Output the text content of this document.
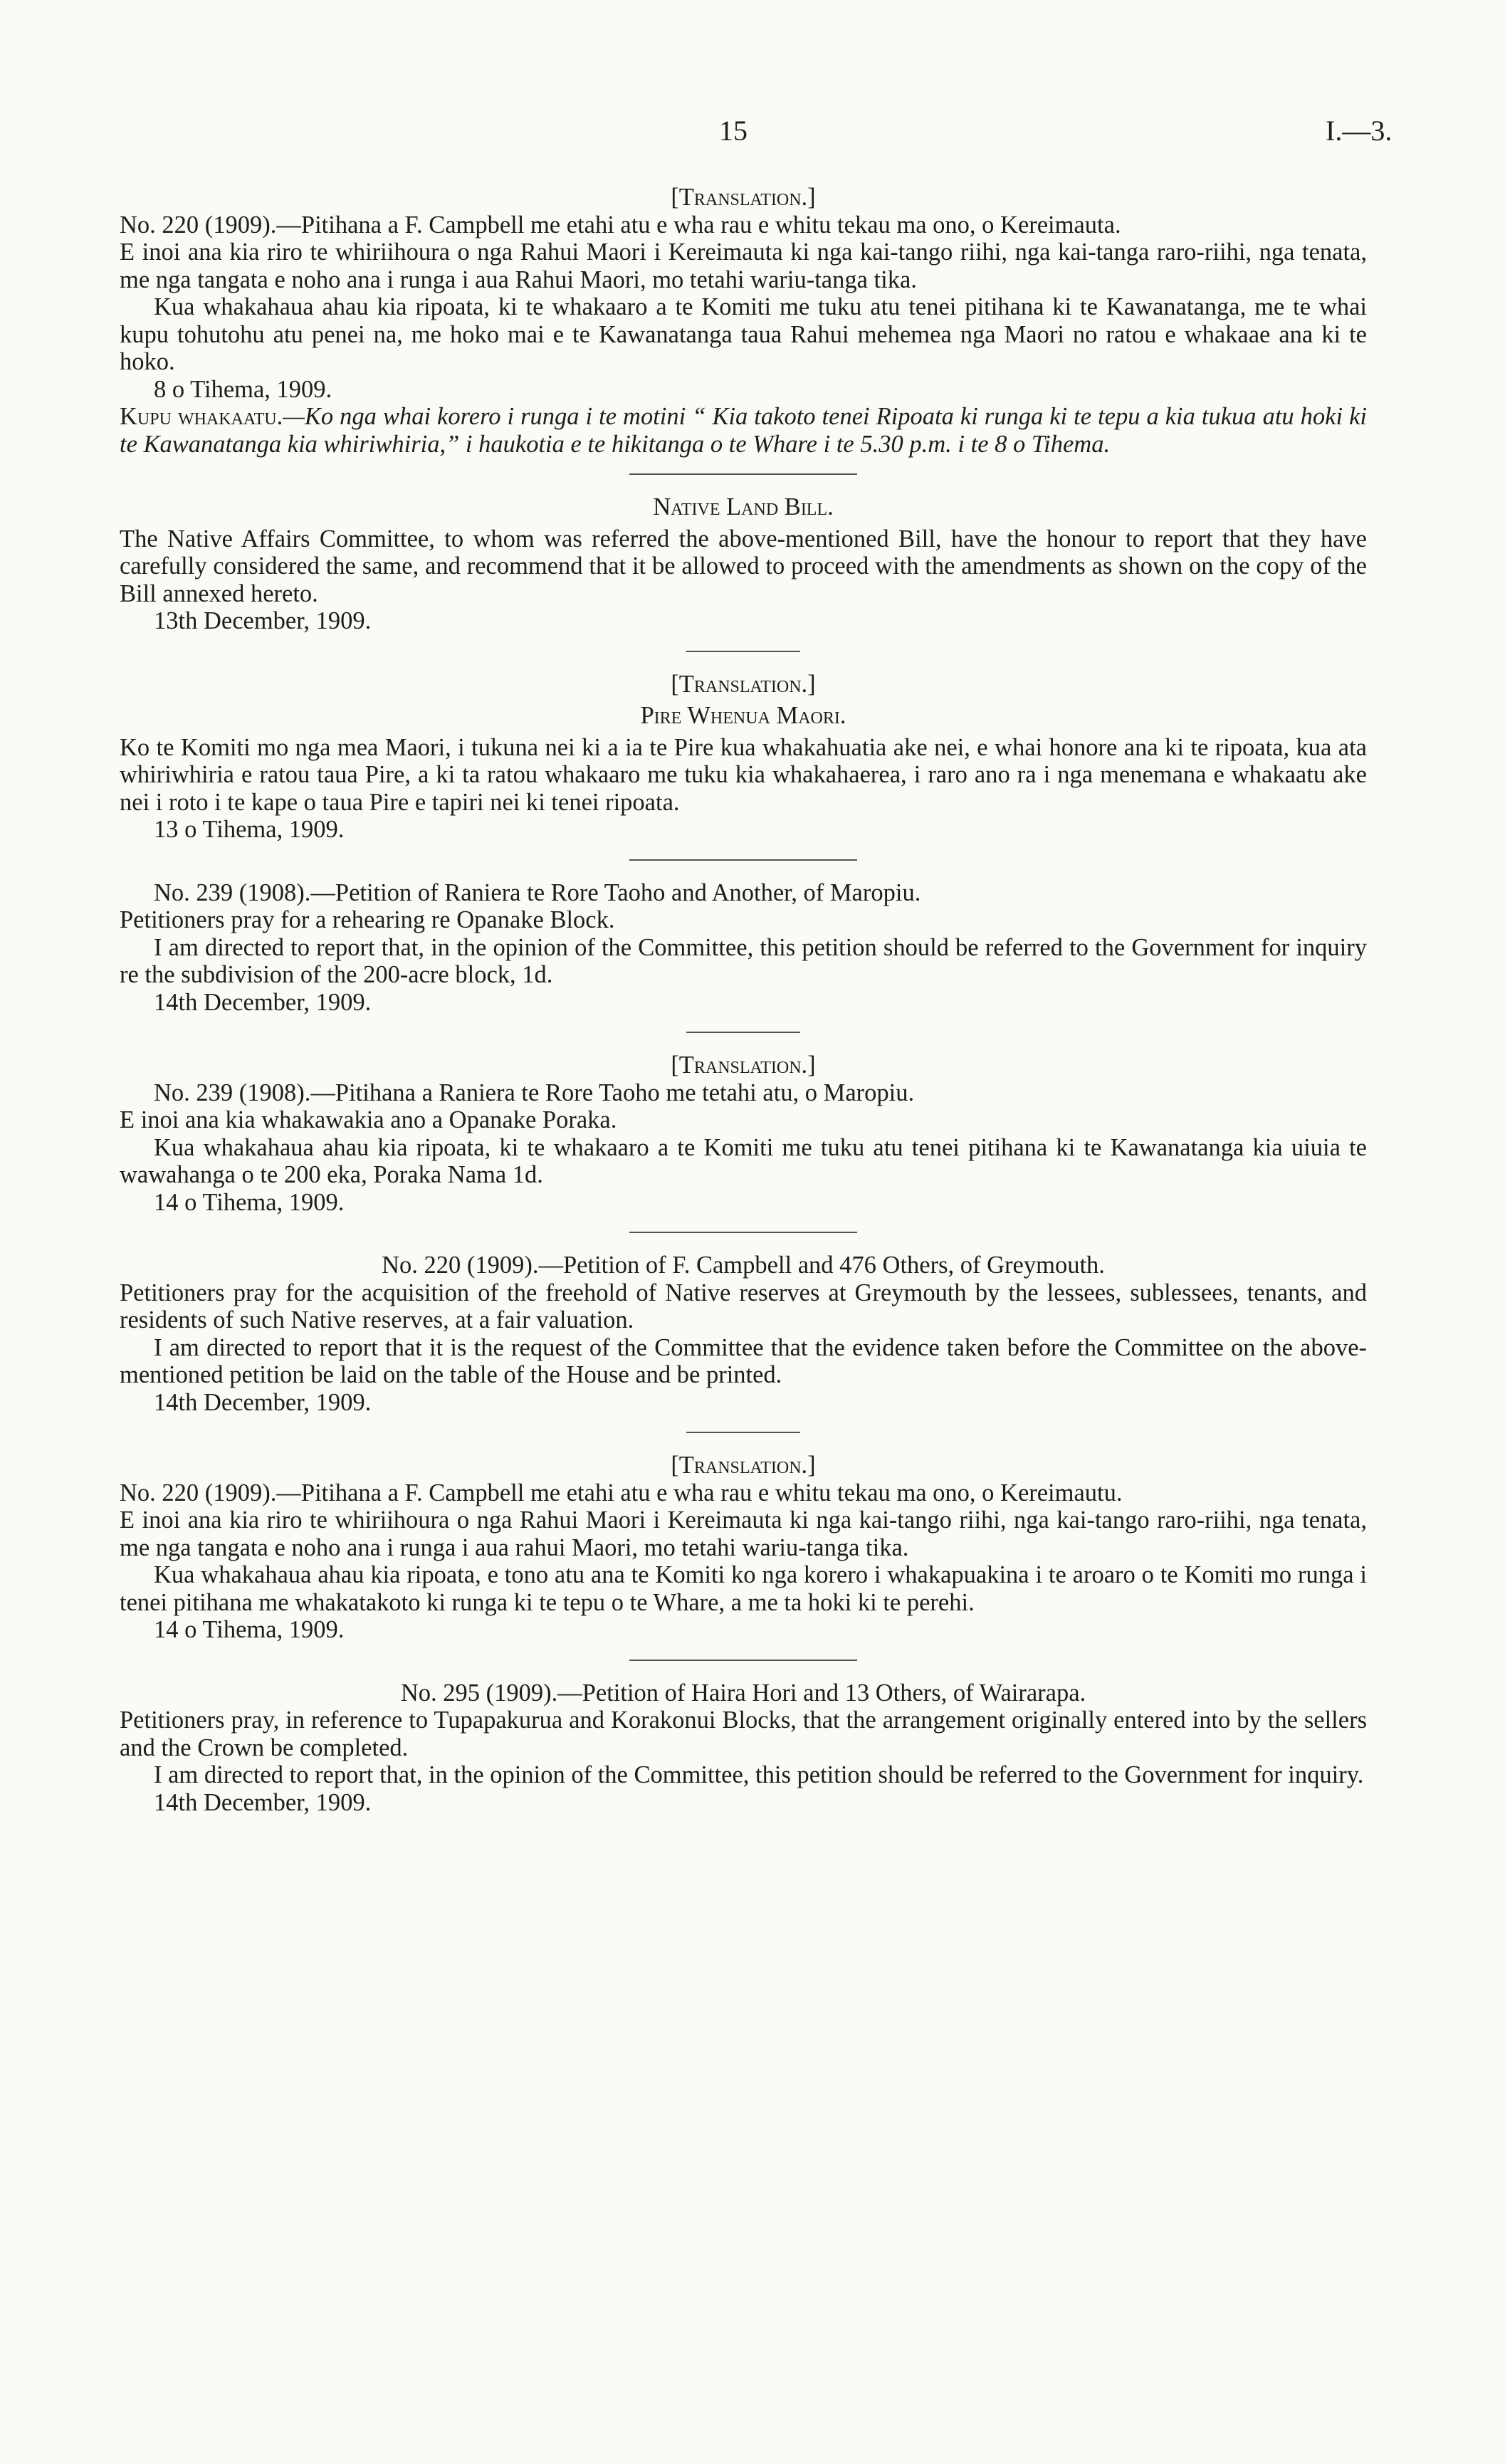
15	I.—3.
[Translation.]

No. 220 (1909).—Pitihana a F. Campbell me etahi atu e wha rau e whitu tekau ma ono, o Kereimauta.

E inoi ana kia riro te whiriihoura o nga Rahui Maori i Kereimauta ki nga kai-tango riihi, nga kai-tanga raro-riihi, nga tenata, me nga tangata e noho ana i runga i aua Rahui Maori, mo tetahi wariu-tanga tika.

Kua whakahaua ahau kia ripoata, ki te whakaaro a te Komiti me tuku atu tenei pitihana ki te Kawanatanga, me te whai kupu tohutohu atu penei na, me hoko mai e te Kawanatanga taua Rahui mehemea nga Maori no ratou e whakaae ana ki te hoko.

8 o Tihema, 1909.

Kupu whakaatu.—Ko nga whai korero i runga i te motini “ Kia takoto tenei Ripoata ki runga ki te tepu a kia tukua atu hoki ki te Kawanatanga kia whiriwhiria,” i haukotia e te hikitanga o te Whare i te 5.30 p.m. i te 8 o Tihema.

Native Land Bill.

The Native Affairs Committee, to whom was referred the above-mentioned Bill, have the honour to report that they have carefully considered the same, and recommend that it be allowed to proceed with the amendments as shown on the copy of the Bill annexed hereto.

13th December, 1909.

[Translation.]
Pire Whenua Maori.

Ko te Komiti mo nga mea Maori, i tukuna nei ki a ia te Pire kua whakahuatia ake nei, e whai honore ana ki te ripoata, kua ata whiriwhiria e ratou taua Pire, a ki ta ratou whakaaro me tuku kia whakahaerea, i raro ano ra i nga menemana e whakaatu ake nei i roto i te kape o taua Pire e tapiri nei ki tenei ripoata.

13 o Tihema, 1909.

No. 239 (1908).—Petition of Raniera te Rore Taoho and Another, of Maropiu.

Petitioners pray for a rehearing re Opanake Block.

I am directed to report that, in the opinion of the Committee, this petition should be referred to the Government for inquiry re the subdivision of the 200-acre block, 1d.

14th December, 1909.

[Translation.]

No. 239 (1908).—Pitihana a Raniera te Rore Taoho me tetahi atu, o Maropiu.

E inoi ana kia whakawakia ano a Opanake Poraka.

Kua whakahaua ahau kia ripoata, ki te whakaaro a te Komiti me tuku atu tenei pitihana ki te Kawanatanga kia uiuia te wawahanga o te 200 eka, Poraka Nama 1d.

14 o Tihema, 1909.

No. 220 (1909).—Petition of F. Campbell and 476 Others, of Greymouth.

Petitioners pray for the acquisition of the freehold of Native reserves at Greymouth by the lessees, sublessees, tenants, and residents of such Native reserves, at a fair valuation.

I am directed to report that it is the request of the Committee that the evidence taken before the Committee on the above-mentioned petition be laid on the table of the House and be printed.

14th December, 1909.

[Translation.]

No. 220 (1909).—Pitihana a F. Campbell me etahi atu e wha rau e whitu tekau ma ono, o Kereimautu.

E inoi ana kia riro te whiriihoura o nga Rahui Maori i Kereimauta ki nga kai-tango riihi, nga kai-tango raro-riihi, nga tenata, me nga tangata e noho ana i runga i aua rahui Maori, mo tetahi wariu-tanga tika.

Kua whakahaua ahau kia ripoata, e tono atu ana te Komiti ko nga korero i whakapuakina i te aroaro o te Komiti mo runga i tenei pitihana me whakatakoto ki runga ki te tepu o te Whare, a me ta hoki ki te perehi.

14 o Tihema, 1909.

No. 295 (1909).—Petition of Haira Hori and 13 Others, of Wairarapa.

Petitioners pray, in reference to Tupapakurua and Korakonui Blocks, that the arrangement originally entered into by the sellers and the Crown be completed.

I am directed to report that, in the opinion of the Committee, this petition should be referred to the Government for inquiry.

14th December, 1909.
